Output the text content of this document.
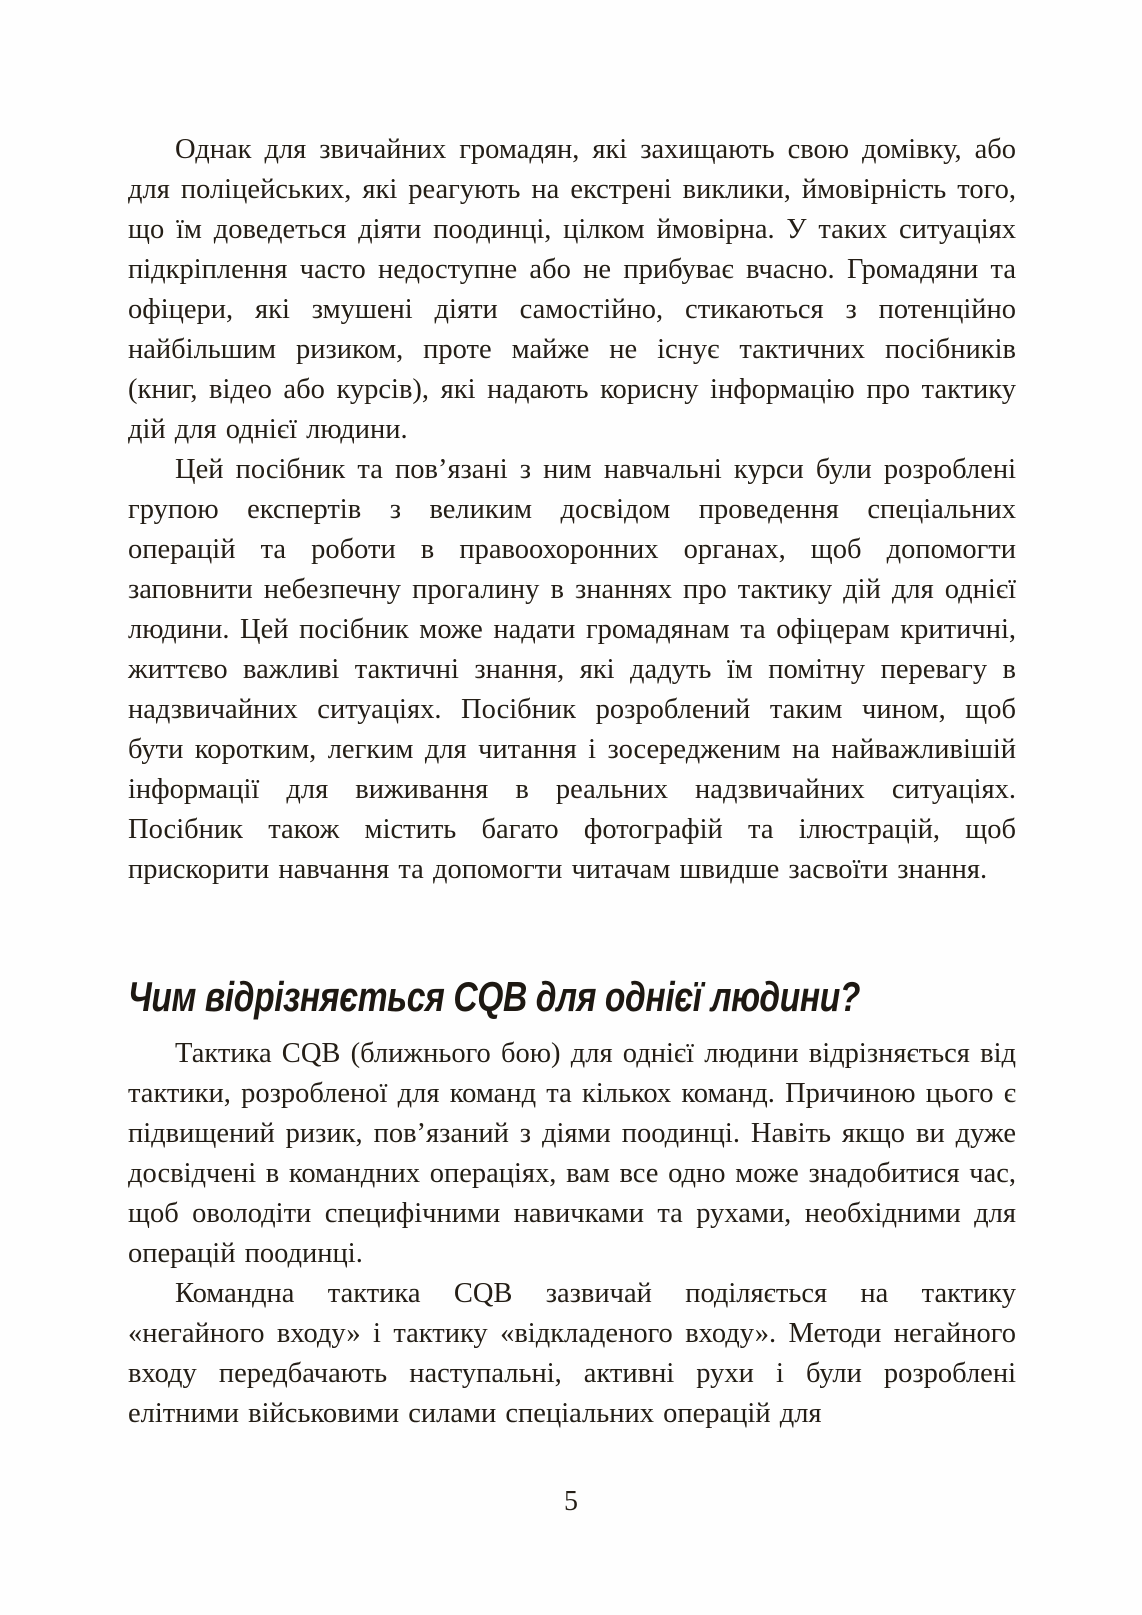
Однак для звичайних громадян, які захищають свою домівку, або для поліцейських, які реагують на екстрені виклики, ймовірність того, що їм доведеться діяти поодинці, цілком ймовірна. У таких ситуаціях підкріплення часто недоступне або не прибуває вчасно. Громадяни та офіцери, які змушені діяти самостійно, стикаються з потенційно найбільшим ризиком, проте майже не існує тактичних посібників (книг, відео або курсів), які надають корисну інформацію про тактику дій для однієї людини.

Цей посібник та пов’язані з ним навчальні курси були розроблені групою експертів з великим досвідом проведення спеціальних операцій та роботи в правоохоронних органах, щоб допомогти заповнити небезпечну прогалину в знаннях про тактику дій для однієї людини. Цей посібник може надати громадянам та офіцерам критичні, життєво важливі тактичні знання, які дадуть їм помітну перевагу в надзвичайних ситуаціях. Посібник розроблений таким чином, щоб бути коротким, легким для читання і зосередженим на найважливішій інформації для виживання в реальних надзвичайних ситуаціях. Посібник також містить багато фотографій та ілюстрацій, щоб прискорити навчання та допомогти читачам швидше засвоїти знання.

Чим відрізняється CQB для однієї людини?

Тактика CQB (ближнього бою) для однієї людини відрізняється від тактики, розробленої для команд та кількох команд. Причиною цього є підвищений ризик, пов’язаний з діями поодинці. Навіть якщо ви дуже досвідчені в командних операціях, вам все одно може знадобитися час, щоб оволодіти специфічними навичками та рухами, необхідними для операцій поодинці.

Командна тактика CQB зазвичай поділяється на тактику «негайного входу» і тактику «відкладеного входу». Методи негайного входу передбачають наступальні, активні рухи і були розроблені елітними військовими силами спеціальних операцій для

5
